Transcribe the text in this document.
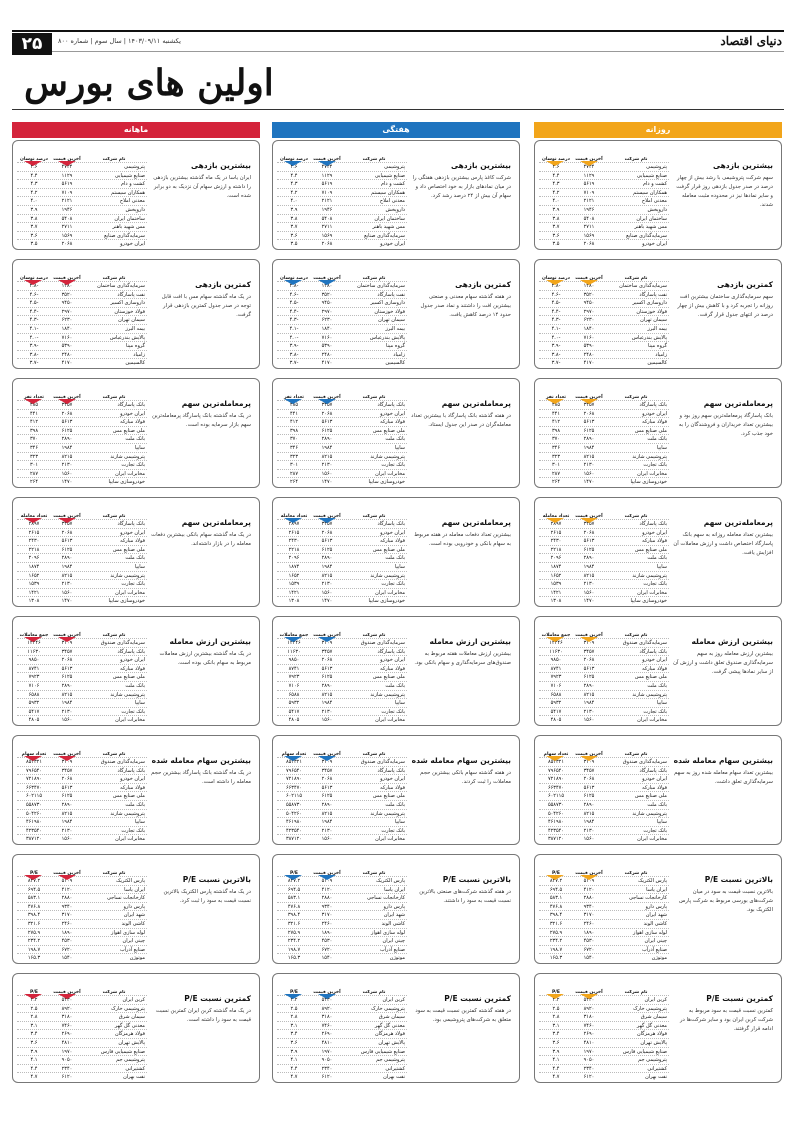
۲۵	یکشنبه ۱۴۰۳/۰۹/۱۱ | سال سوم | شماره ۸۰۰	دنیای اقتصاد
اولین های بورس
روزانه
هفتگی
ماهانه
بیشترین بازدهی
سهم شرکت پتروشیمی با رشد بیش از چهار درصد در صدر جدول بازدهی روز قرار گرفت و سایر نمادها نیز در محدوده مثبت معامله شدند.
نام شرکت
آخرین قیمت
درصد نوسان
پتروشیمی
۴۷۲۴
۴.۶
صنایع شیمیایی
۱۱۲۹
۴.۴
کشت و دام
۵۶۱۹
۴.۳
همکاران سیستم
۷۱۰۹
۴.۲
معدنی املاح
۲۱۲۱
۴.۰
داروپخش
۱۹۴۶
۳.۹
ساختمان ایران
۵۴۰۸
۳.۸
مس شهید باهنر
۲۷۱۱
۳.۷
سرمایه‌گذاری صنایع
۱۵۶۹
۳.۶
ایران خودرو
۲۰۶۸
۳.۵
بیشترین بازدهی
شرکت کاغذ پارس بیشترین بازدهی هفتگی را در میان نمادهای بازار به خود اختصاص داد و سهام آن بیش از ۲۴ درصد رشد کرد.
نام شرکت
آخرین قیمت
درصد نوسان
پتروشیمی
۴۷۲۴
۴.۶
صنایع شیمیایی
۱۱۲۹
۴.۴
کشت و دام
۵۶۱۹
۴.۳
همکاران سیستم
۷۱۰۹
۴.۲
معدنی املاح
۲۱۲۱
۴.۰
داروپخش
۱۹۴۶
۳.۹
ساختمان ایران
۵۴۰۸
۳.۸
مس شهید باهنر
۲۷۱۱
۳.۷
سرمایه‌گذاری صنایع
۱۵۶۹
۳.۶
ایران خودرو
۲۰۶۸
۳.۵
بیشترین بازدهی
ایران یاسا در یک ماه گذشته بیشترین بازدهی را داشته و ارزش سهام آن نزدیک به دو برابر شده است.
نام شرکت
آخرین قیمت
درصد نوسان
پتروشیمی
۴۷۲۴
۴.۶
صنایع شیمیایی
۱۱۲۹
۴.۴
کشت و دام
۵۶۱۹
۴.۳
همکاران سیستم
۷۱۰۹
۴.۲
معدنی املاح
۲۱۲۱
۴.۰
داروپخش
۱۹۴۶
۳.۹
ساختمان ایران
۵۴۰۸
۳.۸
مس شهید باهنر
۲۷۱۱
۳.۷
سرمایه‌گذاری صنایع
۱۵۶۹
۳.۶
ایران خودرو
۲۰۶۸
۳.۵
کمترین بازدهی
سهم سرمایه‌گذاری ساختمان بیشترین افت روزانه را تجربه کرد و با کاهش بیش از چهار درصد در انتهای جدول قرار گرفت.
نام شرکت
آخرین قیمت
درصد نوسان
سرمایه‌گذاری ساختمان
۱۲۸۰
-۴.۸
نفت پاسارگاد
۳۵۲۰
-۴.۶
داروسازی اکسیر
۹۴۵۰
-۴.۵
فولاد خوزستان
۲۹۷۰
-۴.۴
سیمان تهران
۶۲۳۰
-۴.۳
بیمه البرز
۱۸۴۰
-۴.۱
پالایش بندرعباس
۷۱۶۰
-۴.۰
گروه مپنا
۵۳۹۰
-۳.۹
زامیاد
۲۴۸۰
-۳.۸
کالسیمین
۴۱۷۰
-۳.۷
کمترین بازدهی
در هفته گذشته سهام معدنی و صنعتی بیشترین افت را داشتند و نماد صدر جدول حدود ۱۴ درصد کاهش یافت.
نام شرکت
آخرین قیمت
درصد نوسان
سرمایه‌گذاری ساختمان
۱۲۸۰
-۴.۸
نفت پاسارگاد
۳۵۲۰
-۴.۶
داروسازی اکسیر
۹۴۵۰
-۴.۵
فولاد خوزستان
۲۹۷۰
-۴.۴
سیمان تهران
۶۲۳۰
-۴.۳
بیمه البرز
۱۸۴۰
-۴.۱
پالایش بندرعباس
۷۱۶۰
-۴.۰
گروه مپنا
۵۳۹۰
-۳.۹
زامیاد
۲۴۸۰
-۳.۸
کالسیمین
۴۱۷۰
-۳.۷
کمترین بازدهی
در یک ماه گذشته سهام مس با افت قابل توجه در صدر جدول کمترین بازدهی قرار گرفت.
نام شرکت
آخرین قیمت
درصد نوسان
سرمایه‌گذاری ساختمان
۱۲۸۰
-۴.۸
نفت پاسارگاد
۳۵۲۰
-۴.۶
داروسازی اکسیر
۹۴۵۰
-۴.۵
فولاد خوزستان
۲۹۷۰
-۴.۴
سیمان تهران
۶۲۳۰
-۴.۳
بیمه البرز
۱۸۴۰
-۴.۱
پالایش بندرعباس
۷۱۶۰
-۴.۰
گروه مپنا
۵۳۹۰
-۳.۹
زامیاد
۲۴۸۰
-۳.۸
کالسیمین
۴۱۷۰
-۳.۷
پرمعامله‌ترین سهم
بانک پاسارگاد پرمعامله‌ترین سهم روز بود و بیشترین تعداد خریداران و فروشندگان را به خود جذب کرد.
نام شرکت
آخرین قیمت
تعداد نفر
بانک پاسارگاد
۳۴۵۷
۴۸۵
ایران خودرو
۲۰۶۸
۴۴۱
فولاد مبارکه
۵۶۱۳
۴۱۲
ملی صنایع مس
۶۱۲۵
۳۹۸
بانک ملت
۲۸۹۰
۳۷۰
سایپا
۱۹۸۴
۳۴۶
پتروشیمی شازند
۸۲۱۵
۳۲۳
بانک تجارت
۲۱۳۰
۳۰۱
مخابرات ایران
۱۵۶۰
۲۸۷
خودروسازی سایپا
۱۴۷۰
۲۶۴
پرمعامله‌ترین سهم
در هفته گذشته بانک پاسارگاد با بیشترین تعداد معامله‌گران در صدر این جدول ایستاد.
نام شرکت
آخرین قیمت
تعداد نفر
بانک پاسارگاد
۳۴۵۷
۴۸۵
ایران خودرو
۲۰۶۸
۴۴۱
فولاد مبارکه
۵۶۱۳
۴۱۲
ملی صنایع مس
۶۱۲۵
۳۹۸
بانک ملت
۲۸۹۰
۳۷۰
سایپا
۱۹۸۴
۳۴۶
پتروشیمی شازند
۸۲۱۵
۳۲۳
بانک تجارت
۲۱۳۰
۳۰۱
مخابرات ایران
۱۵۶۰
۲۸۷
خودروسازی سایپا
۱۴۷۰
۲۶۴
پرمعامله‌ترین سهم
در یک ماه گذشته بانک پاسارگاد پرمعامله‌ترین سهم بازار سرمایه بوده است.
نام شرکت
آخرین قیمت
تعداد نفر
بانک پاسارگاد
۳۴۵۷
۴۸۵
ایران خودرو
۲۰۶۸
۴۴۱
فولاد مبارکه
۵۶۱۳
۴۱۲
ملی صنایع مس
۶۱۲۵
۳۹۸
بانک ملت
۲۸۹۰
۳۷۰
سایپا
۱۹۸۴
۳۴۶
پتروشیمی شازند
۸۲۱۵
۳۲۳
بانک تجارت
۲۱۳۰
۳۰۱
مخابرات ایران
۱۵۶۰
۲۸۷
خودروسازی سایپا
۱۴۷۰
۲۶۴
پرمعامله‌ترین سهم
بیشترین تعداد معامله روزانه به سهم بانک پاسارگاد اختصاص داشت و ارزش معاملات آن افزایش یافت.
نام شرکت
آخرین قیمت
تعداد معامله
بانک پاسارگاد
۳۴۵۷
۲۸۹۷
ایران خودرو
۲۰۶۸
۲۶۱۵
فولاد مبارکه
۵۶۱۳
۲۴۳۰
ملی صنایع مس
۶۱۲۵
۲۲۱۸
بانک ملت
۲۸۹۰
۲۰۹۶
سایپا
۱۹۸۴
۱۸۷۴
پتروشیمی شازند
۸۲۱۵
۱۶۵۲
بانک تجارت
۲۱۳۰
۱۵۳۹
مخابرات ایران
۱۵۶۰
۱۴۲۱
خودروسازی سایپا
۱۴۷۰
۱۳۰۸
پرمعامله‌ترین سهم
بیشترین تعداد دفعات معامله در هفته مربوط به سهام بانکی و خودرویی بوده است.
نام شرکت
آخرین قیمت
تعداد معامله
بانک پاسارگاد
۳۴۵۷
۲۸۹۷
ایران خودرو
۲۰۶۸
۲۶۱۵
فولاد مبارکه
۵۶۱۳
۲۴۳۰
ملی صنایع مس
۶۱۲۵
۲۲۱۸
بانک ملت
۲۸۹۰
۲۰۹۶
سایپا
۱۹۸۴
۱۸۷۴
پتروشیمی شازند
۸۲۱۵
۱۶۵۲
بانک تجارت
۲۱۳۰
۱۵۳۹
مخابرات ایران
۱۵۶۰
۱۴۲۱
خودروسازی سایپا
۱۴۷۰
۱۳۰۸
پرمعامله‌ترین سهم
در یک ماه گذشته سهام بانکی بیشترین دفعات معامله را در بازار داشته‌اند.
نام شرکت
آخرین قیمت
تعداد معامله
بانک پاسارگاد
۳۴۵۷
۲۸۹۷
ایران خودرو
۲۰۶۸
۲۶۱۵
فولاد مبارکه
۵۶۱۳
۲۴۳۰
ملی صنایع مس
۶۱۲۵
۲۲۱۸
بانک ملت
۲۸۹۰
۲۰۹۶
سایپا
۱۹۸۴
۱۸۷۴
پتروشیمی شازند
۸۲۱۵
۱۶۵۲
بانک تجارت
۲۱۳۰
۱۵۳۹
مخابرات ایران
۱۵۶۰
۱۴۲۱
خودروسازی سایپا
۱۴۷۰
۱۳۰۸
بیشترین ارزش معامله
بیشترین ارزش معامله روز به سهم سرمایه‌گذاری صندوق تعلق داشت و ارزش آن از سایر نمادها پیشی گرفت.
نام شرکت
آخرین قیمت
جمع معاملات
سرمایه‌گذاری صندوق
۳۱۰۹
۱۲۲۴۶
بانک پاسارگاد
۳۴۵۷
۱۱۶۳۰
ایران خودرو
۲۰۶۸
۹۸۵۰
فولاد مبارکه
۵۶۱۳
۸۷۴۱
ملی صنایع مس
۶۱۲۵
۷۹۲۳
بانک ملت
۲۸۹۰
۷۱۰۶
پتروشیمی شازند
۸۲۱۵
۶۵۸۸
سایپا
۱۹۸۴
۵۹۳۲
بانک تجارت
۲۱۳۰
۵۴۱۷
مخابرات ایران
۱۵۶۰
۴۸۰۵
بیشترین ارزش معامله
بیشترین ارزش معاملات هفته مربوط به صندوق‌های سرمایه‌گذاری و سهام بانکی بود.
نام شرکت
آخرین قیمت
جمع معاملات
سرمایه‌گذاری صندوق
۳۱۰۹
۱۲۲۴۶
بانک پاسارگاد
۳۴۵۷
۱۱۶۳۰
ایران خودرو
۲۰۶۸
۹۸۵۰
فولاد مبارکه
۵۶۱۳
۸۷۴۱
ملی صنایع مس
۶۱۲۵
۷۹۲۳
بانک ملت
۲۸۹۰
۷۱۰۶
پتروشیمی شازند
۸۲۱۵
۶۵۸۸
سایپا
۱۹۸۴
۵۹۳۲
بانک تجارت
۲۱۳۰
۵۴۱۷
مخابرات ایران
۱۵۶۰
۴۸۰۵
بیشترین ارزش معامله
در یک ماه گذشته بیشترین ارزش معاملات مربوط به سهام بانکی بوده است.
نام شرکت
آخرین قیمت
جمع معاملات
سرمایه‌گذاری صندوق
۳۱۰۹
۱۲۲۴۶
بانک پاسارگاد
۳۴۵۷
۱۱۶۳۰
ایران خودرو
۲۰۶۸
۹۸۵۰
فولاد مبارکه
۵۶۱۳
۸۷۴۱
ملی صنایع مس
۶۱۲۵
۷۹۲۳
بانک ملت
۲۸۹۰
۷۱۰۶
پتروشیمی شازند
۸۲۱۵
۶۵۸۸
سایپا
۱۹۸۴
۵۹۳۲
بانک تجارت
۲۱۳۰
۵۴۱۷
مخابرات ایران
۱۵۶۰
۴۸۰۵
بیشترین سهام معامله شده
بیشترین تعداد سهام معامله شده روز به سهم سرمایه‌گذاری تعلق داشت.
نام شرکت
آخرین قیمت
تعداد سهام
سرمایه‌گذاری صندوق
۳۱۰۹
۸۵۴۳۲۱
بانک پاسارگاد
۳۴۵۷
۷۹۶۵۴۰
ایران خودرو
۲۰۶۸
۷۲۱۸۹۰
فولاد مبارکه
۵۶۱۳
۶۶۳۴۷۰
ملی صنایع مس
۶۱۲۵
۶۰۲۱۱۵
بانک ملت
۲۸۹۰
۵۵۸۷۳۰
پتروشیمی شازند
۸۲۱۵
۵۰۴۲۶۰
سایپا
۱۹۸۴
۴۶۱۹۸۰
بانک تجارت
۲۱۳۰
۴۲۳۵۴۰
مخابرات ایران
۱۵۶۰
۳۸۷۱۲۰
بیشترین سهام معامله شده
در هفته گذشته سهام بانکی بیشترین حجم معاملات را ثبت کردند.
نام شرکت
آخرین قیمت
تعداد سهام
سرمایه‌گذاری صندوق
۳۱۰۹
۸۵۴۳۲۱
بانک پاسارگاد
۳۴۵۷
۷۹۶۵۴۰
ایران خودرو
۲۰۶۸
۷۲۱۸۹۰
فولاد مبارکه
۵۶۱۳
۶۶۳۴۷۰
ملی صنایع مس
۶۱۲۵
۶۰۲۱۱۵
بانک ملت
۲۸۹۰
۵۵۸۷۳۰
پتروشیمی شازند
۸۲۱۵
۵۰۴۲۶۰
سایپا
۱۹۸۴
۴۶۱۹۸۰
بانک تجارت
۲۱۳۰
۴۲۳۵۴۰
مخابرات ایران
۱۵۶۰
۳۸۷۱۲۰
بیشترین سهام معامله شده
در یک ماه گذشته بانک پاسارگاد بیشترین حجم معامله را داشته است.
نام شرکت
آخرین قیمت
تعداد سهام
سرمایه‌گذاری صندوق
۳۱۰۹
۸۵۴۳۲۱
بانک پاسارگاد
۳۴۵۷
۷۹۶۵۴۰
ایران خودرو
۲۰۶۸
۷۲۱۸۹۰
فولاد مبارکه
۵۶۱۳
۶۶۳۴۷۰
ملی صنایع مس
۶۱۲۵
۶۰۲۱۱۵
بانک ملت
۲۸۹۰
۵۵۸۷۳۰
پتروشیمی شازند
۸۲۱۵
۵۰۴۲۶۰
سایپا
۱۹۸۴
۴۶۱۹۸۰
بانک تجارت
۲۱۳۰
۴۲۳۵۴۰
مخابرات ایران
۱۵۶۰
۳۸۷۱۲۰
بالاترین نسبت P/E
بالاترین نسبت قیمت به سود در میان شرکت‌های بورسی مربوط به شرکت پارس الکتریک بود.
نام شرکت
آخرین قیمت
P/E
پارس الکتریک
۵۱۰۹
۸۲۷.۲
ایران یاسا
۴۱۲۰
۶۹۴.۵
کارخانجات نساجی
۲۸۸۰
۵۸۳.۱
پارس دارو
۹۳۴۰
۴۷۶.۸
شهد ایران
۳۱۷۰
۳۹۸.۴
کاشی الوند
۲۴۶۰
۳۲۱.۶
لوله سازی اهواز
۱۸۹۰
۲۷۵.۹
چینی ایران
۴۵۳۰
۲۳۴.۲
صنایع آذرآب
۶۷۲۰
۱۹۸.۷
موتوژن
۱۵۴۰
۱۶۵.۳
بالاترین نسبت P/E
در هفته گذشته شرکت‌های صنعتی بالاترین نسبت قیمت به سود را داشتند.
نام شرکت
آخرین قیمت
P/E
پارس الکتریک
۵۱۰۹
۸۲۷.۲
ایران یاسا
۴۱۲۰
۶۹۴.۵
کارخانجات نساجی
۲۸۸۰
۵۸۳.۱
پارس دارو
۹۳۴۰
۴۷۶.۸
شهد ایران
۳۱۷۰
۳۹۸.۴
کاشی الوند
۲۴۶۰
۳۲۱.۶
لوله سازی اهواز
۱۸۹۰
۲۷۵.۹
چینی ایران
۴۵۳۰
۲۳۴.۲
صنایع آذرآب
۶۷۲۰
۱۹۸.۷
موتوژن
۱۵۴۰
۱۶۵.۳
بالاترین نسبت P/E
در یک ماه گذشته پارس الکتریک بالاترین نسبت قیمت به سود را ثبت کرد.
نام شرکت
آخرین قیمت
P/E
پارس الکتریک
۵۱۰۹
۸۲۷.۲
ایران یاسا
۴۱۲۰
۶۹۴.۵
کارخانجات نساجی
۲۸۸۰
۵۸۳.۱
پارس دارو
۹۳۴۰
۴۷۶.۸
شهد ایران
۳۱۷۰
۳۹۸.۴
کاشی الوند
۲۴۶۰
۳۲۱.۶
لوله سازی اهواز
۱۸۹۰
۲۷۵.۹
چینی ایران
۴۵۳۰
۲۳۴.۲
صنایع آذرآب
۶۷۲۰
۱۹۸.۷
موتوژن
۱۵۴۰
۱۶۵.۳
کمترین نسبت P/E
کمترین نسبت قیمت به سود مربوط به شرکت کربن ایران بود و سایر شرکت‌ها در ادامه قرار گرفتند.
نام شرکت
آخرین قیمت
P/E
کربن ایران
۵۴۳۰
۲.۲
پتروشیمی خارک
۸۹۲۰
۲.۵
سیمان شرق
۳۱۸۰
۲.۸
معدنی گل گهر
۷۴۶۰
۳.۱
فولاد هرمزگان
۲۶۹۰
۳.۴
پالایش تهران
۴۸۱۰
۳.۶
صنایع شیمیایی فارس
۱۹۷۰
۳.۹
پتروشیمی جم
۹۰۵۰
۴.۱
کشتیرانی
۲۳۴۰
۴.۴
نفت بهران
۶۱۲۰
۴.۷
کمترین نسبت P/E
در هفته گذشته کمترین نسبت قیمت به سود متعلق به شرکت‌های پتروشیمی بود.
نام شرکت
آخرین قیمت
P/E
کربن ایران
۵۴۳۰
۲.۲
پتروشیمی خارک
۸۹۲۰
۲.۵
سیمان شرق
۳۱۸۰
۲.۸
معدنی گل گهر
۷۴۶۰
۳.۱
فولاد هرمزگان
۲۶۹۰
۳.۴
پالایش تهران
۴۸۱۰
۳.۶
صنایع شیمیایی فارس
۱۹۷۰
۳.۹
پتروشیمی جم
۹۰۵۰
۴.۱
کشتیرانی
۲۳۴۰
۴.۴
نفت بهران
۶۱۲۰
۴.۷
کمترین نسبت P/E
در یک ماه گذشته کربن ایران کمترین نسبت قیمت به سود را داشته است.
نام شرکت
آخرین قیمت
P/E
کربن ایران
۵۴۳۰
۲.۲
پتروشیمی خارک
۸۹۲۰
۲.۵
سیمان شرق
۳۱۸۰
۲.۸
معدنی گل گهر
۷۴۶۰
۳.۱
فولاد هرمزگان
۲۶۹۰
۳.۴
پالایش تهران
۴۸۱۰
۳.۶
صنایع شیمیایی فارس
۱۹۷۰
۳.۹
پتروشیمی جم
۹۰۵۰
۴.۱
کشتیرانی
۲۳۴۰
۴.۴
نفت بهران
۶۱۲۰
۴.۷
